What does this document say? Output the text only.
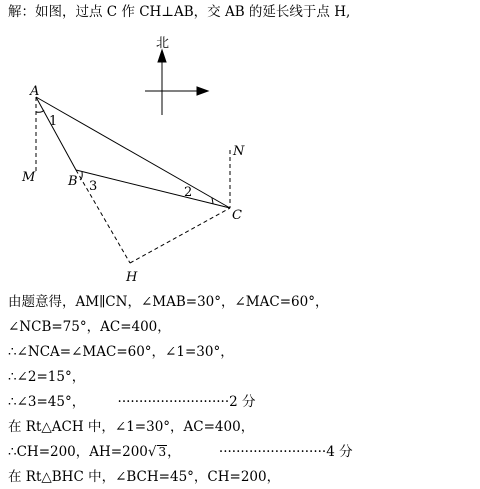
解：如图，过点 C 作 CH⊥AB，交 AB 的延长线于点 H,
北
A
B
C
H
M
N
1
2
3
由题意得，AM∥CN，∠MAB=30°，∠MAC=60°，
∠NCB=75°，AC=400，
∴∠NCA=∠MAC=60°，∠1=30°，
∴∠2=15°，
∴∠3=45°， ··························2 分
在 Rt△ACH 中，∠1=30°，AC=400，
∴CH=200，AH=200√ 3，	·························4 分
在 Rt△BHC 中，∠BCH=45°，CH=200，
